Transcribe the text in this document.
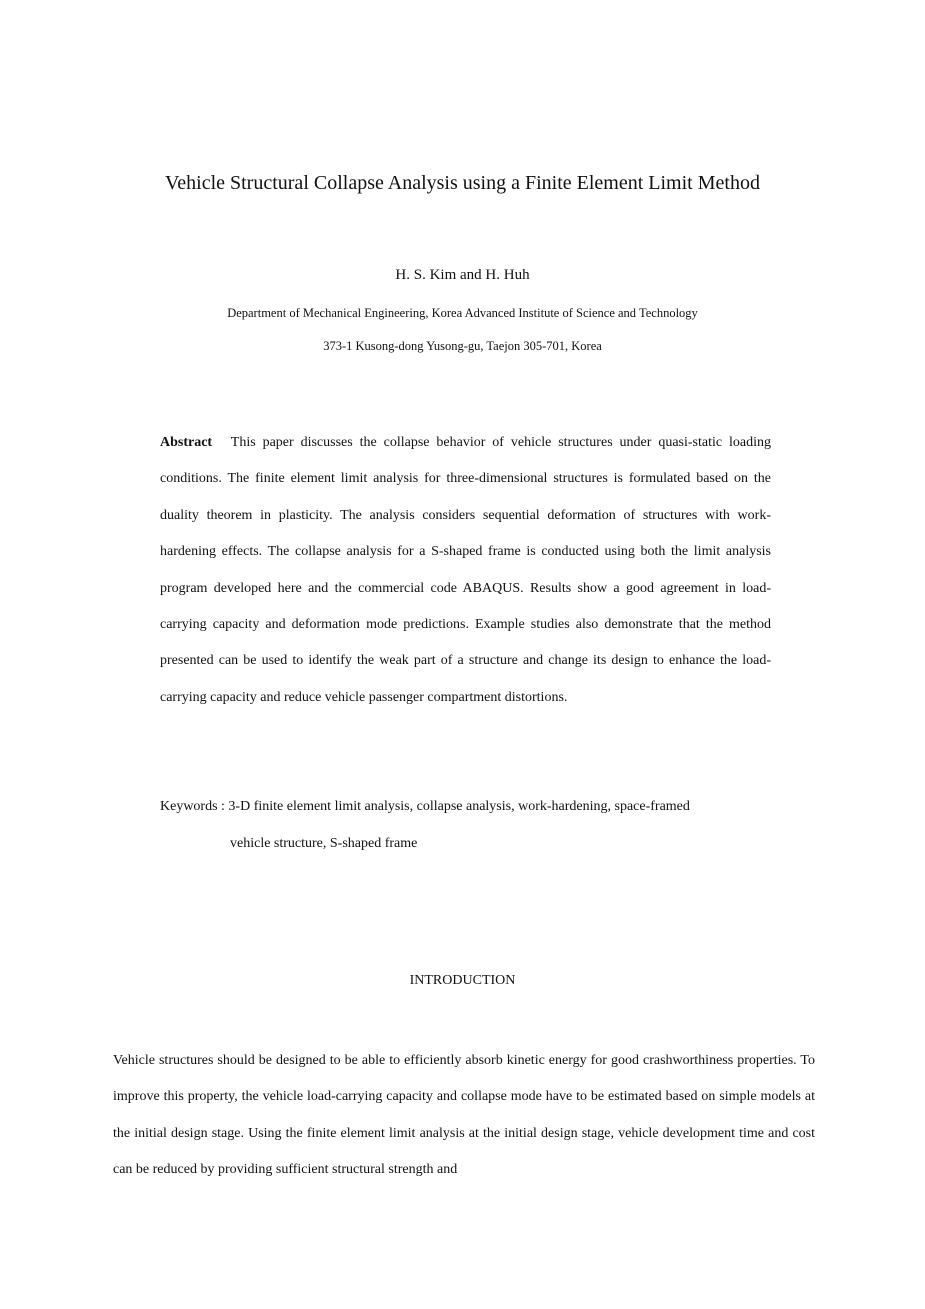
Vehicle Structural Collapse Analysis using a Finite Element Limit Method
H. S. Kim and H. Huh
Department of Mechanical Engineering, Korea Advanced Institute of Science and Technology
373-1 Kusong-dong Yusong-gu, Taejon 305-701, Korea
Abstract This paper discusses the collapse behavior of vehicle structures under quasi-static loading conditions. The finite element limit analysis for three-dimensional structures is formulated based on the duality theorem in plasticity. The analysis considers sequential deformation of structures with work-hardening effects. The collapse analysis for a S-shaped frame is conducted using both the limit analysis program developed here and the commercial code ABAQUS. Results show a good agreement in load-carrying capacity and deformation mode predictions. Example studies also demonstrate that the method presented can be used to identify the weak part of a structure and change its design to enhance the load-carrying capacity and reduce vehicle passenger compartment distortions.
Keywords : 3-D finite element limit analysis, collapse analysis, work-hardening, space-framed
vehicle structure, S-shaped frame
INTRODUCTION
Vehicle structures should be designed to be able to efficiently absorb kinetic energy for good crashworthiness properties. To improve this property, the vehicle load-carrying capacity and collapse mode have to be estimated based on simple models at the initial design stage. Using the finite element limit analysis at the initial design stage, vehicle development time and cost can be reduced by providing sufficient structural strength and
